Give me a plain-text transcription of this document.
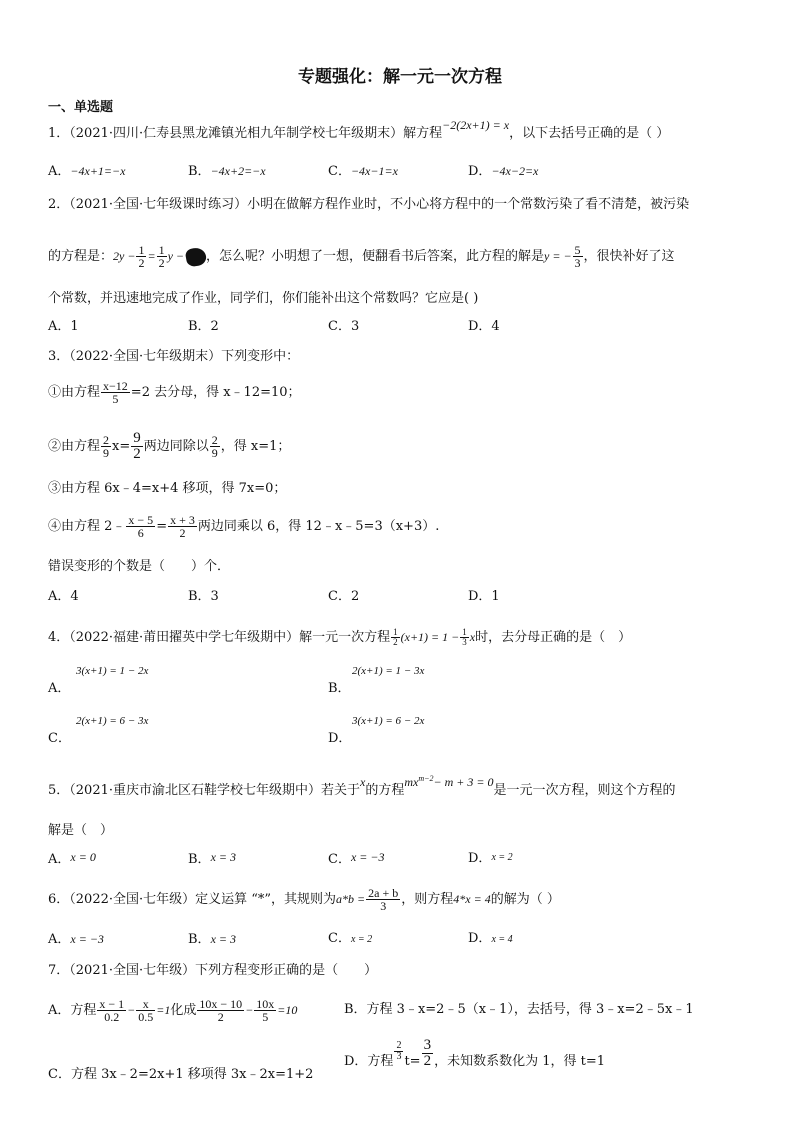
专题强化：解一元一次方程
一、单选题
1．（2021·四川·仁寿县黑龙滩镇光相九年制学校七年级期末）解方程−2(2x+1) = x，以下去括号正确的是（ ）
A．−4x+1=−x	B．−4x+2=−x	C．−4x−1=x	D．−4x−2=x
2．（2021·全国·七年级课时练习）小明在做解方程作业时，不小心将方程中的一个常数污染了看不清楚，被污染
的方程是：$2y - \frac{1}{2} = \frac{1}{2}$ y − ，怎么呢？小明想了一想，便翻看书后答案，此方程的解是y = − $\frac{5}{3}$ ，很快补好了这
个常数，并迅速地完成了作业，同学们，你们能补出这个常数吗？它应是( )
A．1	B．2	C．3	D．4
3．（2022·全国·七年级期末）下列变形中：
①由方程 $\frac{x-12}{5} =2$ 去分母，得 x﹣12=10；
②由方程 $\frac{2}{9} x= \frac{9}{2}$ 两边同除以 $\frac{2}{9}$ ，得 x=1；
③由方程 6x﹣4=x+4 移项，得 7x=0；
④由方程 2﹣ $\frac{x - 5}{6} = \frac{x + 3}{2}$ 两边同乘以 6，得 12﹣x﹣5=3（x+3）.
错误变形的个数是（　　）个．
A．4	B．3	C．2	D．1
4．（2022·福建·莆田擢英中学七年级期中）解一元一次方程 $\frac{1}{2} (x+1) = 1 - \frac{1}{3}$ x时，去分母正确的是（　）
3(x+1) = 1 − 2x
A．
2(x+1) = 1 − 3x
B．
2(x+1) = 6 − 3x
C．
3(x+1) = 6 − 2x
D．
5．（2021·重庆市渝北区石鞋学校七年级期中）若关于x的方程$mx^{m-2}- m + 3 = 0$是一元一次方程，则这个方程的
解是（　）
A．x = 0	B．x = 3	C．x = −3	D．x = 2
6．（2022·全国·七年级）定义运算 “*”，其规则为$a*b = \frac{2a + b}{3}$ ，则方程4*x = 4的解为（ ）
A．x = −3	B．x = 3	C．x = 2	D．x = 4
7．（2021·全国·七年级）下列方程变形正确的是（　　）
A．方程 $\frac{x - 1}{0.2} - \frac{x}{0.5} =1$化成 $\frac{10x - 10}{2} - \frac{10x}{5} =10$	B．方程 3﹣x=2﹣5（x﹣1），去括号，得 3﹣x=2﹣5x﹣1
C．方程 3x﹣2=2x+1 移项得 3x﹣2x=1+2
D．方程 $\frac{2}{3} t= \frac{3}{2}$ ，未知数系数化为 1，得 t=1
